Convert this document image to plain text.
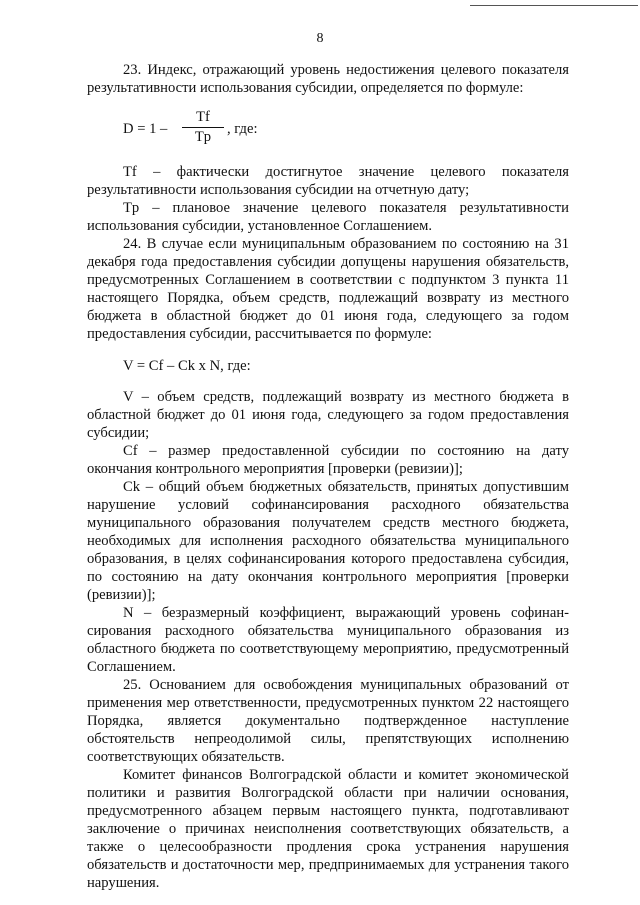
8

23. Индекс, отражающий уровень недостижения целевого показателя результативности использования субсидии, определяется по формуле:

D = 1 –
Tf
Tp	, где:

Tf – фактически достигнутое значение целевого показателя результативности использования субсидии на отчетную дату;

Tp – плановое значение целевого показателя результативности использования субсидии, установленное Соглашением.

24. В случае если муниципальным образованием по состоянию на 31 декабря года предоставления субсидии допущены нарушения обязательств, предусмотренных Соглашением в соответствии с подпунктом 3 пункта 11 настоящего Порядка, объем средств, подлежащий возврату из местного бюджета в областной бюджет до 01 июня года, следующего за годом предоставления субсидии, рассчитывается по формуле:

V = Cf – Ck x N, где:

V – объем средств, подлежащий возврату из местного бюджета в областной бюджет до 01 июня года, следующего за годом предоставления субсидии;

Cf – размер предоставленной субсидии по состоянию на дату окончания контрольного мероприятия [проверки (ревизии)];

Ck – общий объем бюджетных обязательств, принятых допустившим нарушение условий софинансирования расходного обязательства муниципального образования получателем средств местного бюджета, необходимых для исполнения расходного обязательства муниципального образования, в целях софинансирования которого предоставлена субсидия, по состоянию на дату окончания контрольного мероприятия [проверки (ревизии)];

N – безразмерный коэффициент, выражающий уровень софинансирования расходного обязательства муниципального образования из областного бюджета по соответствующему мероприятию, предусмотренный Соглашением.

25. Основанием для освобождения муниципальных образований от применения мер ответственности, предусмотренных пунктом 22 настоящего Порядка, является документально подтвержденное наступление обстоятельств непреодолимой силы, препятствующих исполнению соответствующих обязательств.

Комитет финансов Волгоградской области и комитет экономической политики и развития Волгоградской области при наличии основания, предусмотренного абзацем первым настоящего пункта, подготавливают заключение о причинах неисполнения соответствующих обязательств, а также о целесообразности продления срока устранения нарушения обязательств и достаточности мер, предпринимаемых для устранения такого нарушения.
